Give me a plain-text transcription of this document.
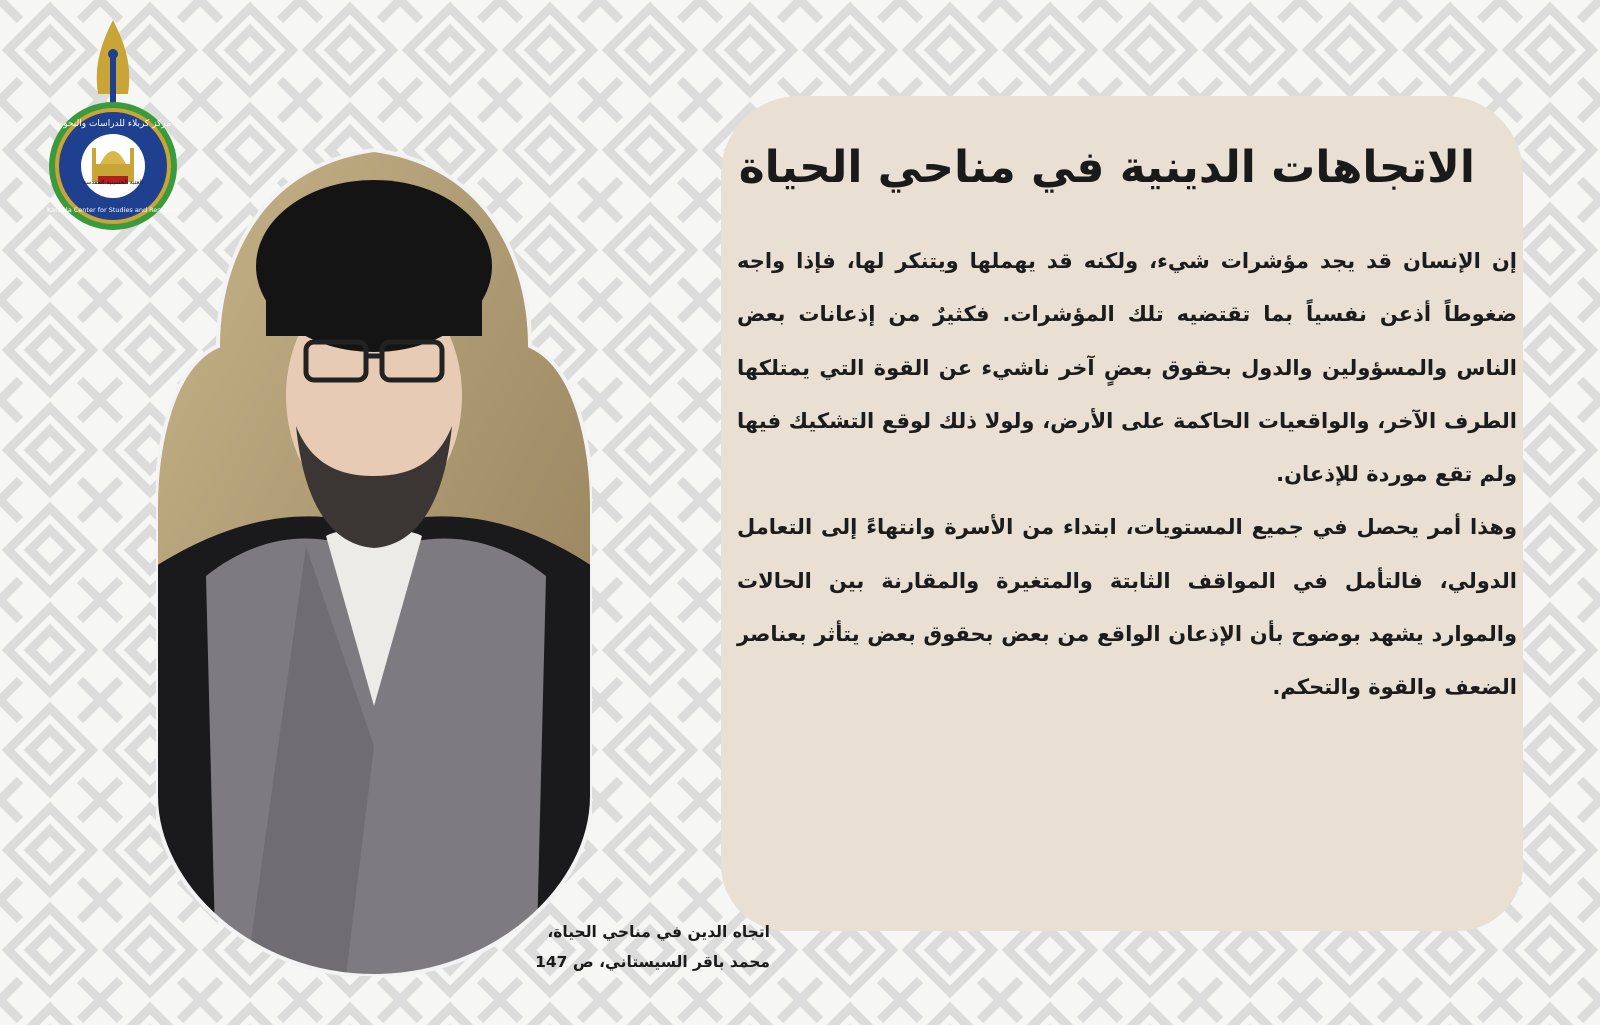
مركز كربلاء للدراسات والبحوث
Karbala Center for Studies and Research
العتبة الحسينية المقدسة	الاتجاهات الدينية في مناحي الحياة

إن الإنسان قد يجد مؤشرات شيء، ولكنه قد يهملها ويتنكر لها، فإذا واجه ضغوطاً أذعن نفسياً بما تقتضيه تلك المؤشرات. فكثيرٌ من إذعانات بعض الناس والمسؤولين والدول بحقوق بعضٍ آخر ناشيء عن القوة التي يمتلكها الطرف الآخر، والواقعيات الحاكمة على الأرض، ولولا ذلك لوقع التشكيك فيها ولم تقع موردة للإذعان.

وهذا أمر يحصل في جميع المستويات، ابتداء من الأسرة وانتهاءً إلى التعامل الدولي، فالتأمل في المواقف الثابتة والمتغيرة والمقارنة بين الحالات والموارد يشهد بوضوح بأن الإذعان الواقع من بعض بحقوق بعض يتأثر بعناصر الضعف والقوة والتحكم.

اتجاه الدين في مناحي الحياة،
محمد باقر السيستاني، ص 147
